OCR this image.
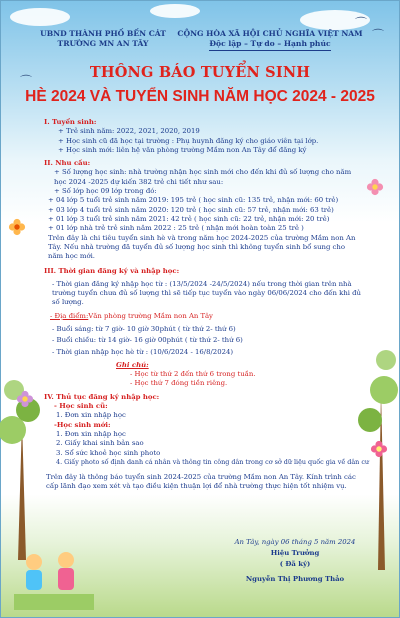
⌒
⌒
⌒
UBND THÀNH PHỐ BẾN CÁT
TRƯỜNG MN AN TÂY
CỘNG HÒA XÃ HỘI CHỦ NGHĨA VIỆT NAM
Độc lập – Tự do – Hạnh phúc
THÔNG BÁO TUYỂN SINH
HÈ 2024 VÀ TUYỂN SINH NĂM HỌC 2024 - 2025
I. Tuyển sinh:
+ Trẻ sinh năm: 2022, 2021, 2020, 2019
+ Học sinh cũ đã học tại trường : Phụ huynh đăng ký cho giáo viên tại lớp.
+ Học sinh mới: liên hệ văn phòng trường Mầm non An Tây để đăng ký
II. Nhu cầu:
+ Số lượng học sinh: nhà trường nhận học sinh mới cho đến khi đủ số lượng cho năm học 2024 -2025 dự kiến 382 trẻ chi tiết như sau:
+ Số lớp học 09 lớp trong đó:
+ 04 lớp 5 tuổi trẻ sinh năm 2019: 195 trẻ ( học sinh cũ: 135 trẻ, nhận mới: 60 trẻ)
+ 03 lớp 4 tuổi trẻ sinh năm 2020: 120 trẻ ( học sinh cũ: 57 trẻ, nhận mới: 63 trẻ)
+ 01 lớp 3 tuổi trẻ sinh năm 2021: 42 trẻ ( học sinh cũ: 22 trẻ, nhận mới: 20 trẻ)
+ 01 lớp nhà trẻ trẻ sinh năm 2022 : 25 trẻ ( nhận mới hoàn toàn 25 trẻ )
Trên đây là chi tiêu tuyển sinh hè và trong năm học 2024-2025 của trường Mầm non An Tây. Nếu nhà trường đã tuyển đủ số lượng học sinh thì không tuyển sinh bổ sung cho năm học mới.
III. Thời gian đăng ký và nhập học:
- Thời gian đăng ký nhập học từ : (13/5/2024 -24/5/2024) nếu trong thời gian trên nhà trường tuyển chưa đủ số lượng thì sẽ tiếp tục tuyển vào ngày 06/06/2024 cho đến khi đủ số lượng.
- Địa điểm:Văn phòng trường Mầm non An Tây
- Buổi sáng: từ 7 giờ- 10 giờ 30phút ( từ thứ 2- thứ 6)
- Buổi chiều: từ 14 giờ- 16 giờ 00phút ( từ thứ 2- thứ 6)
- Thời gian nhập học hè từ : (10/6/2024 - 16/8/2024)
Ghi chú:
- Học từ thứ 2 đến thứ 6 trong tuần.
- Học thứ 7 đóng tiền riêng.
IV. Thủ tục đăng ký nhập học:
- Học sinh cũ:
1. Đơn xin nhập học
-Học sinh mới:
1. Đơn xin nhập học
2. Giấy khai sinh bản sao
3. Sổ sức khoẻ học sinh photo
4. Giấy photo số định danh cá nhân và thông tin công dân trong cơ sở dữ liệu quốc gia về dân cư
Trên đây là thông báo tuyển sinh 2024-2025 của trường Mầm non An Tây. Kính trình các cấp lãnh đạo xem xét và tạo điều kiện thuận lợi để nhà trường thực hiện tốt nhiệm vụ.
An Tây, ngày 06 tháng 5 năm 2024
Hiệu Trưởng
( Đã ký)
Nguyễn Thị Phương Thảo
